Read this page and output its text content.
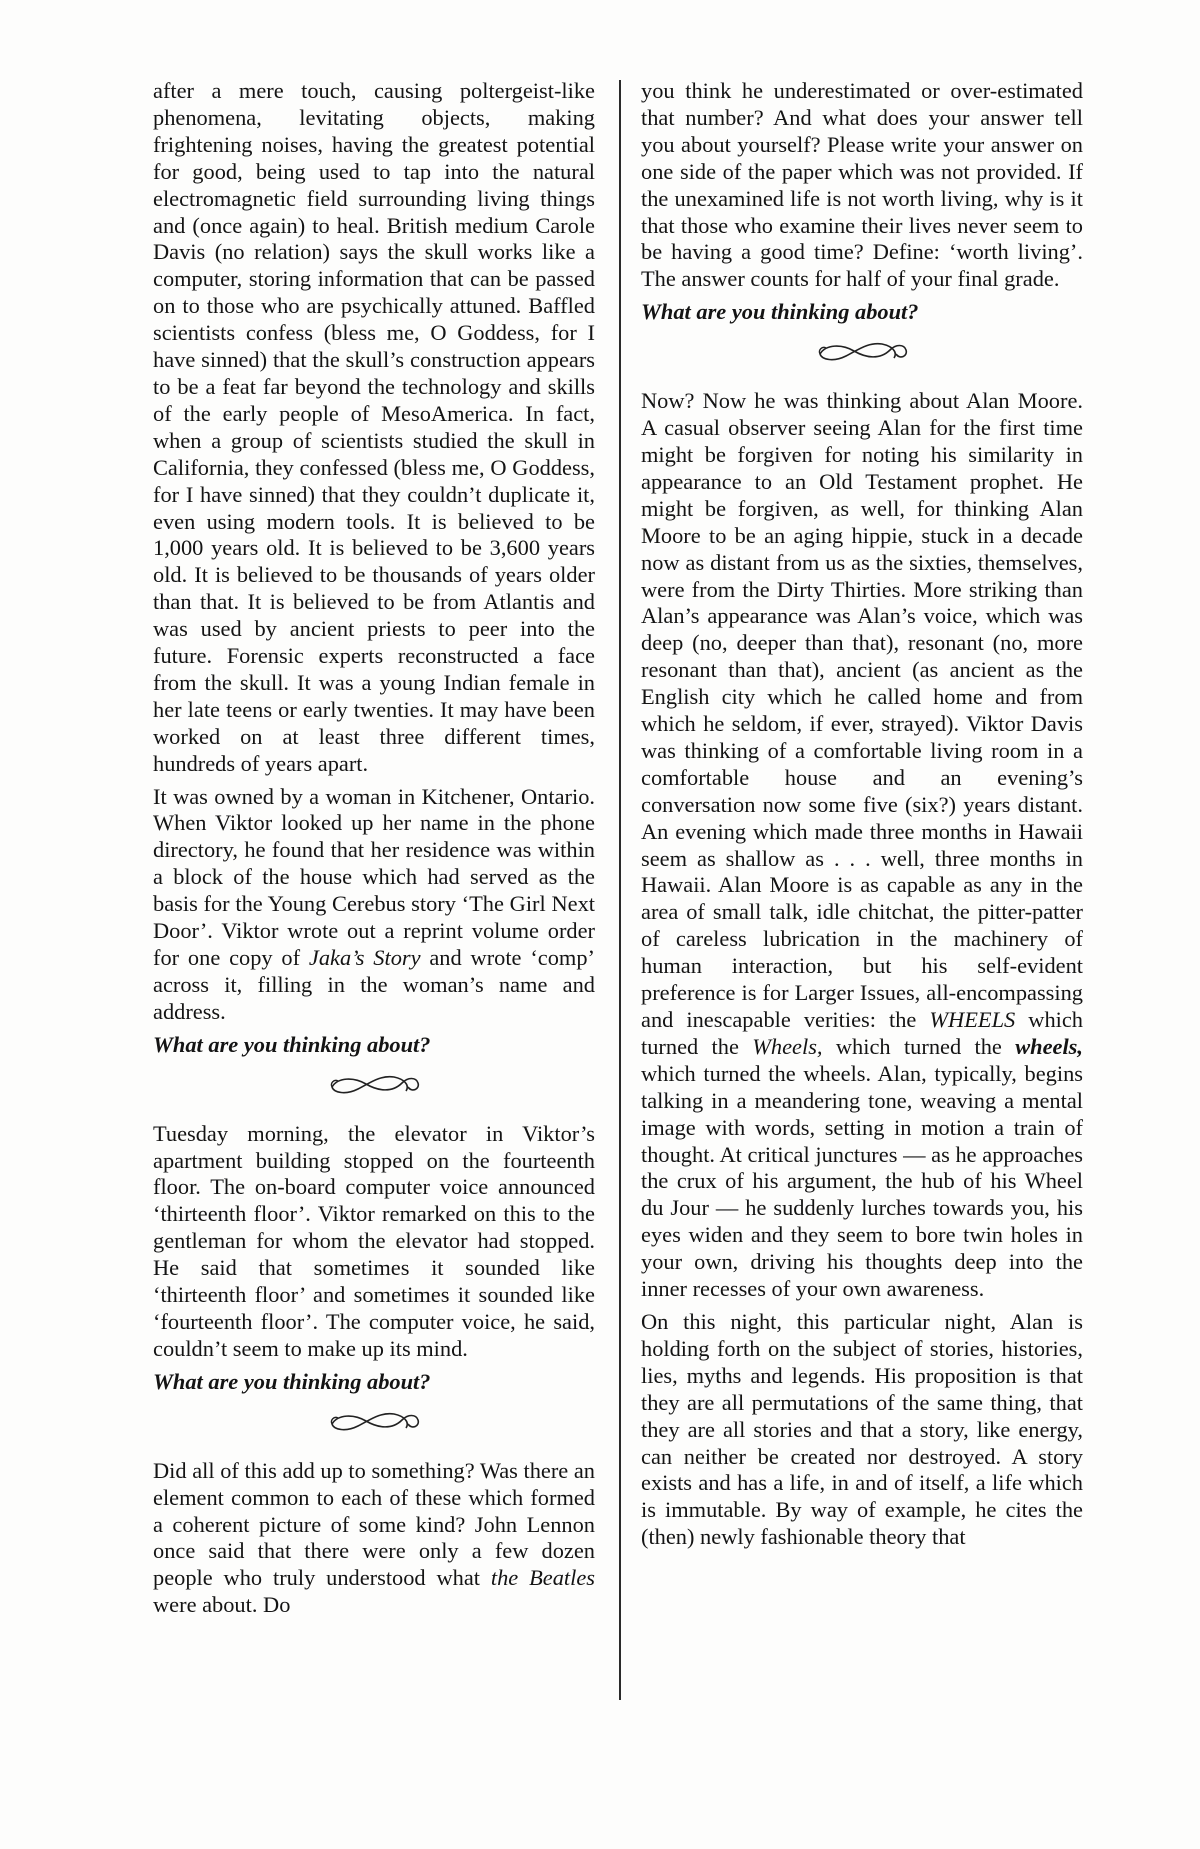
after a mere touch, causing poltergeist-like phenomena, levitating objects, making frightening noises, having the greatest potential for good, being used to tap into the natural electromagnetic field surrounding living things and (once again) to heal. British medium Carole Davis (no relation) says the skull works like a computer, storing information that can be passed on to those who are psychically attuned. Baffled scientists confess (bless me, O Goddess, for I have sinned) that the skull’s construction appears to be a feat far beyond the technology and skills of the early people of MesoAmerica. In fact, when a group of scientists studied the skull in California, they confessed (bless me, O Goddess, for I have sinned) that they couldn’t duplicate it, even using modern tools. It is believed to be 1,000 years old. It is believed to be 3,600 years old. It is believed to be thousands of years older than that. It is believed to be from Atlantis and was used by ancient priests to peer into the future. Forensic experts reconstructed a face from the skull. It was a young Indian female in her late teens or early twenties. It may have been worked on at least three different times, hundreds of years apart.

It was owned by a woman in Kitchener, Ontario. When Viktor looked up her name in the phone directory, he found that her residence was within a block of the house which had served as the basis for the Young Cerebus story ‘The Girl Next Door’. Viktor wrote out a reprint volume order for one copy of Jaka’s Story and wrote ‘comp’ across it, filling in the woman’s name and address.

What are you thinking about?

Tuesday morning, the elevator in Viktor’s apartment building stopped on the fourteenth floor. The on-board computer voice announced ‘thirteenth floor’. Viktor remarked on this to the gentleman for whom the elevator had stopped. He said that sometimes it sounded like ‘thirteenth floor’ and sometimes it sounded like ‘fourteenth floor’. The computer voice, he said, couldn’t seem to make up its mind.

What are you thinking about?

Did all of this add up to something? Was there an element common to each of these which formed a coherent picture of some kind? John Lennon once said that there were only a few dozen people who truly understood what the Beatles were about. Do

you think he underestimated or over-estimated that number? And what does your answer tell you about yourself? Please write your answer on one side of the paper which was not provided. If the unexamined life is not worth living, why is it that those who examine their lives never seem to be having a good time? Define: ‘worth living’. The answer counts for half of your final grade.

What are you thinking about?

Now? Now he was thinking about Alan Moore. A casual observer seeing Alan for the first time might be forgiven for noting his similarity in appearance to an Old Testament prophet. He might be forgiven, as well, for thinking Alan Moore to be an aging hippie, stuck in a decade now as distant from us as the sixties, themselves, were from the Dirty Thirties. More striking than Alan’s appearance was Alan’s voice, which was deep (no, deeper than that), resonant (no, more resonant than that), ancient (as ancient as the English city which he called home and from which he seldom, if ever, strayed). Viktor Davis was thinking of a comfortable living room in a comfortable house and an evening’s conversation now some five (six?) years distant. An evening which made three months in Hawaii seem as shallow as . . . well, three months in Hawaii. Alan Moore is as capable as any in the area of small talk, idle chitchat, the pitter-patter of careless lubrication in the machinery of human interaction, but his self-evident preference is for Larger Issues, all-encompassing and inescapable verities: the WHEELS which turned the Wheels, which turned the wheels, which turned the wheels. Alan, typically, begins talking in a meandering tone, weaving a mental image with words, setting in motion a train of thought. At critical junctures — as he approaches the crux of his argument, the hub of his Wheel du Jour — he suddenly lurches towards you, his eyes widen and they seem to bore twin holes in your own, driving his thoughts deep into the inner recesses of your own awareness.

On this night, this particular night, Alan is holding forth on the subject of stories, histories, lies, myths and legends. His proposition is that they are all permutations of the same thing, that they are all stories and that a story, like energy, can neither be created nor destroyed. A story exists and has a life, in and of itself, a life which is immutable. By way of example, he cites the (then) newly fashionable theory that
